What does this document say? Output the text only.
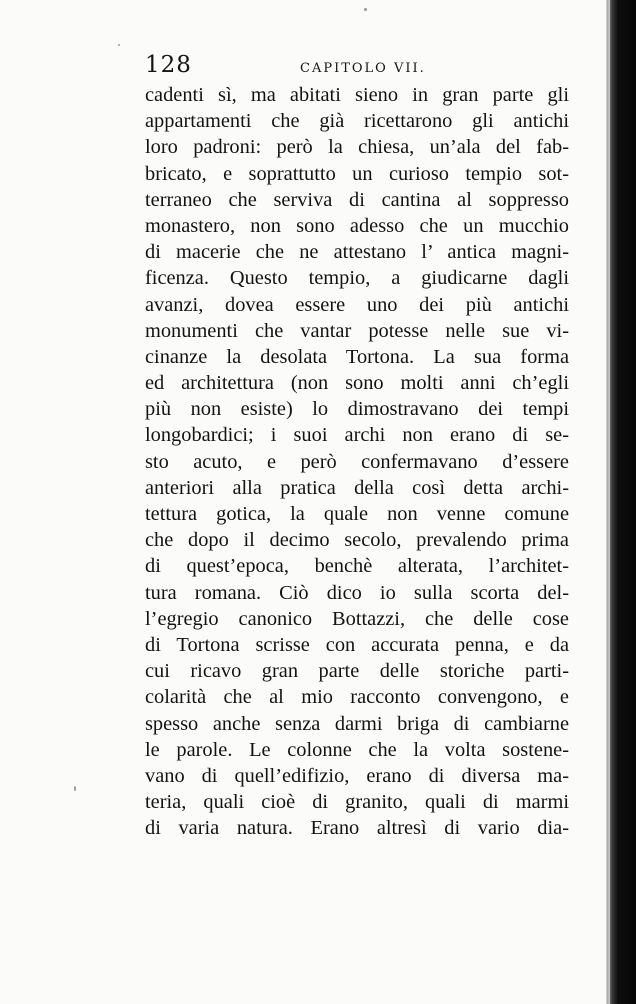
128	CAPITOLO VII.
cadenti sì, ma abitati sieno in gran parte gli
appartamenti che già ricettarono gli antichi
loro padroni: però la chiesa, un’ala del fab-
bricato, e soprattutto un curioso tempio sot-
terraneo che serviva di cantina al soppresso
monastero, non sono adesso che un mucchio
di macerie che ne attestano l’ antica magni-
ficenza. Questo tempio, a giudicarne dagli
avanzi, dovea essere uno dei più antichi
monumenti che vantar potesse nelle sue vi-
cinanze la desolata Tortona. La sua forma
ed architettura (non sono molti anni ch’egli
più non esiste) lo dimostravano dei tempi
longobardici; i suoi archi non erano di se-
sto acuto, e però confermavano d’essere
anteriori alla pratica della così detta archi-
tettura gotica, la quale non venne comune
che dopo il decimo secolo, prevalendo prima
di quest’epoca, benchè alterata, l’architet-
tura romana. Ciò dico io sulla scorta del-
l’egregio canonico Bottazzi, che delle cose
di Tortona scrisse con accurata penna, e da
cui ricavo gran parte delle storiche parti-
colarità che al mio racconto convengono, e
spesso anche senza darmi briga di cambiarne
le parole. Le colonne che la volta sostene-
vano di quell’edifizio, erano di diversa ma-
teria, quali cioè di granito, quali di marmi
di varia natura. Erano altresì di vario dia-
